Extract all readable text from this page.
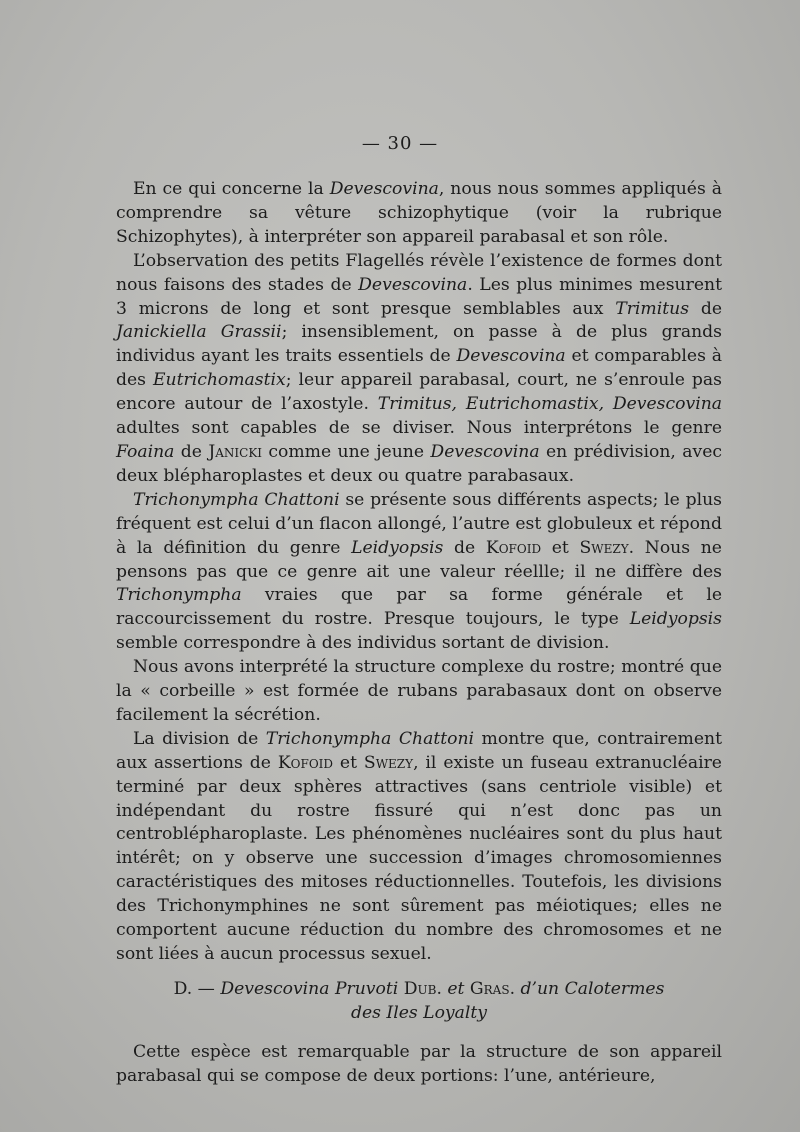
— 30 —

En ce qui concerne la Devescovina, nous nous sommes appliqués à comprendre sa vêture schizophytique (voir la rubrique Schizophytes), à interpréter son appareil parabasal et son rôle.

L’observation des petits Flagellés révèle l’existence de formes dont nous faisons des stades de Devescovina. Les plus minimes mesurent 3 microns de long et sont presque semblables aux Trimitus de Janickiella Grassii; insensiblement, on passe à de plus grands individus ayant les traits essentiels de Devescovina et comparables à des Eutrichomastix; leur appareil parabasal, court, ne s’enroule pas encore autour de l’axostyle. Trimitus, Eutrichomastix, Devescovina adultes sont capables de se diviser. Nous interprétons le genre Foaina de Janicki comme une jeune Devescovina en prédivision, avec deux blépharoplastes et deux ou quatre parabasaux.

Trichonympha Chattoni se présente sous différents aspects; le plus fréquent est celui d’un flacon allongé, l’autre est globuleux et répond à la définition du genre Leidyopsis de Kofoid et Swezy. Nous ne pensons pas que ce genre ait une valeur réellle; il ne diffère des Trichonympha vraies que par sa forme générale et le raccourcissement du rostre. Presque toujours, le type Leidyopsis semble correspondre à des individus sortant de division.

Nous avons interprété la structure complexe du rostre; montré que la « corbeille » est formée de rubans parabasaux dont on observe facilement la sécrétion.

La division de Trichonympha Chattoni montre que, contrairement aux assertions de Kofoid et Swezy, il existe un fuseau extranucléaire terminé par deux sphères attractives (sans centriole visible) et indépendant du rostre fissuré qui n’est donc pas un centroblépharoplaste. Les phénomènes nucléaires sont du plus haut intérêt; on y observe une succession d’images chromosomiennes caractéristiques des mitoses réductionnelles. Toutefois, les divisions des Trichonymphines ne sont sûrement pas méiotiques; elles ne comportent aucune réduction du nombre des chromosomes et ne sont liées à aucun processus sexuel.

D. — Devescovina Pruvoti Dub. et Gras. d’un Calotermes
des Iles Loyalty

Cette espèce est remarquable par la structure de son appareil parabasal qui se compose de deux portions: l’une, antérieure,
